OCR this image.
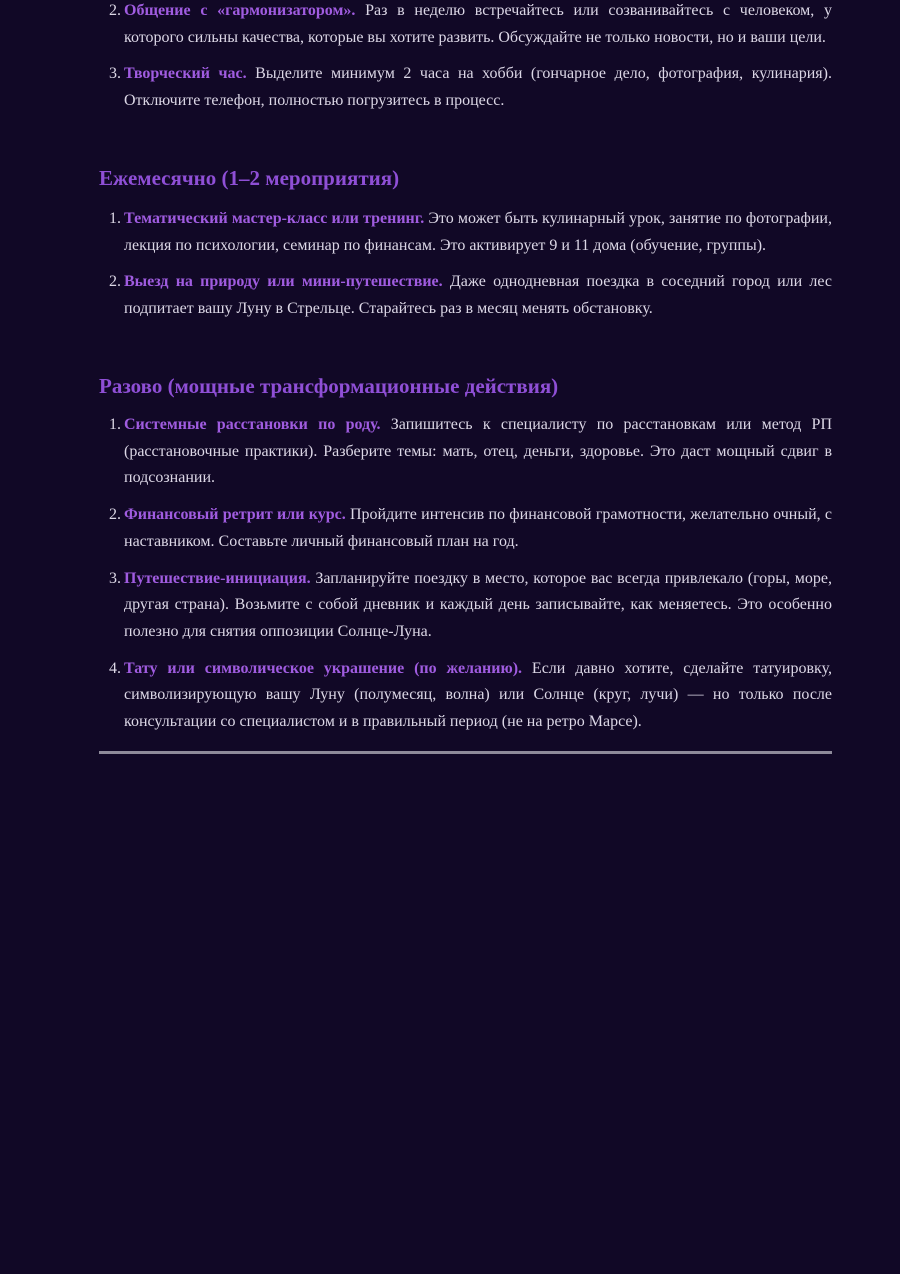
2. Общение с «гармонизатором». Раз в неделю встречайтесь или созванивайтесь с человеком, у которого сильны качества, которые вы хотите развить. Обсуждайте не только новости, но и ваши цели.
3. Творческий час. Выделите минимум 2 часа на хобби (гончарное дело, фотография, кулинария). Отключите телефон, полностью погрузитесь в процесс.
Ежемесячно (1–2 мероприятия)
1. Тематический мастер-класс или тренинг. Это может быть кулинарный урок, занятие по фотографии, лекция по психологии, семинар по финансам. Это активирует 9 и 11 дома (обучение, группы).
2. Выезд на природу или мини-путешествие. Даже однодневная поездка в соседний город или лес подпитает вашу Луну в Стрельце. Старайтесь раз в месяц менять обстановку.
Разово (мощные трансформационные действия)
1. Системные расстановки по роду. Запишитесь к специалисту по расстановкам или метод РП (расстановочные практики). Разберите темы: мать, отец, деньги, здоровье. Это даст мощный сдвиг в подсознании.
2. Финансовый ретрит или курс. Пройдите интенсив по финансовой грамотности, желательно очный, с наставником. Составьте личный финансовый план на год.
3. Путешествие-инициация. Запланируйте поездку в место, которое вас всегда привлекало (горы, море, другая страна). Возьмите с собой дневник и каждый день записывайте, как меняетесь. Это особенно полезно для снятия оппозиции Солнце-Луна.
4. Тату или символическое украшение (по желанию). Если давно хотите, сделайте татуировку, символизирующую вашу Луну (полумесяц, волна) или Солнце (круг, лучи) — но только после консультации со специалистом и в правильный период (не на ретро Марсе).
